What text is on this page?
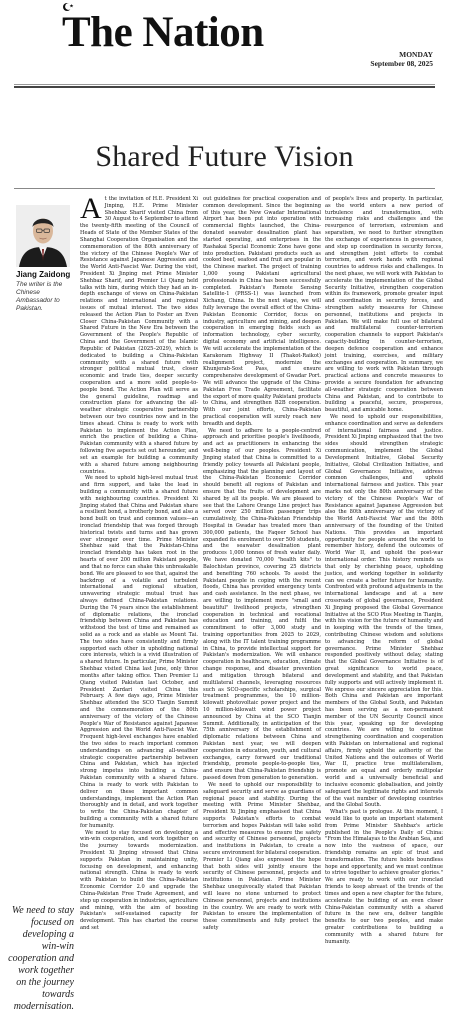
The Nation	MONDAY
September 08, 2025
Shared Future Vision
Jiang Zaidong
The writer is the Chinese Ambassador to Pakistan.
We need to stay focused on developing a win-win cooperation and work together on the journey towards modernisation.

At the invitation of H.E. President Xi Jinping, H.E. Prime Minister Shehbaz Sharif visited China from 30 August to 4 September to attend the twenty-fifth meeting of the Council of Heads of State of the Member States of the Shanghai Cooperation Organisation and the commemoration of the 80th anniversary of the victory of the Chinese People's War of Resistance against Japanese Aggression and the World Anti-Fascist War. During the visit, President Xi Jinping met Prime Minister Shehbaz Sharif, and Premier Li Qiang held talks with him, during which they had an in-depth exchange of views on China-Pakistan relations and international and regional issues of mutual interest. The two sides released the Action Plan to Foster an Even Closer China-Pakistan Community with a Shared Future in the New Era between the Government of the People's Republic of China and the Government of the Islamic Republic of Pakistan (2025–2029), which is dedicated to building a China-Pakistan community with a shared future with stronger political mutual trust, closer economic and trade ties, deeper security cooperation and a more solid people-to-people bond. The Action Plan will serve as the general guideline, roadmap and construction plans for advancing the all-weather strategic cooperative partnership between our two countries now and in the times ahead. China is ready to work with Pakistan to implement the Action Plan, enrich the practice of building a China-Pakistan community with a shared future by following five aspects set out hereunder, and set an example for building a community with a shared future among neighbouring countries.

We need to uphold high-level mutual trust and firm support, and take the lead in building a community with a shared future with neighbouring countries. President Xi Jinping stated that China and Pakistan share a resilient bond, a brotherly bond, and also a bond built on trust and common values—an ironclad friendship that was forged through historical twists and turns and has grown ever stronger over time. Prime Minister Shehbaz said that the Pakistan-China ironclad friendship has taken root in the hearts of over 200 million Pakistani people, and that no force can shake this unbreakable bond. We are pleased to see that, against the backdrop of a volatile and turbulent international and regional situation, unwavering strategic mutual trust has always defined China-Pakistan relations. During the 74 years since the establishment of diplomatic relations, the ironclad friendship between China and Pakistan has withstood the test of time and remained as solid as a rock and as stable as Mount Tai. The two sides have consistently and firmly supported each other in upholding national core interests, which is a vivid illustration of a shared future. In particular, Prime Minister Shehbaz visited China last June, only three months after taking office. Then Premier Li Qiang visited Pakistan last October, and President Zardari visited China this February. A few days ago, Prime Minister Shehbaz attended the SCO Tianjin Summit and the commemoration of the 80th anniversary of the victory of the Chinese People's War of Resistance against Japanese Aggression and the World Anti-Fascist War. Frequent high-level exchanges have enabled the two sides to reach important common understandings on advancing all-weather strategic cooperative partnership between China and Pakistan, which has injected strong impetus into building a China-Pakistan community with a shared future. China is ready to work with Pakistan to deliver on these important common understandings, implement the Action Plan thoroughly and in detail, and work together to write the China-Pakistan chapter of building a community with a shared future for humanity.

We need to stay focused on developing a win-win cooperation, and work together on the journey towards modernization. President Xi Jinping stressed that China supports Pakistan in maintaining unity, focusing on development, and enhancing national strength. China is ready to work with Pakistan to build the China-Pakistan Economic Corridor 2.0 and upgrade the China-Pakistan Free Trade Agreement, and step up cooperation in industries, agriculture and mining, with the aim of boosting Pakistan's self-sustained capacity for development. This has charted the course and set

out guidelines for practical cooperation and common development. Since the beginning of this year, the New Gwadar International Airport has been put into operation with commercial flights launched, the China-donated seawater desalination plant has started operating, and enterprises in the Rashakai Special Economic Zone have gone into production. Pakistani products such as cooked beef, seafood and fruit are popular in the Chinese market. The project of training 1,000 young Pakistani agricultural professionals in China has been successfully completed. Pakistan's Remote Sensing Satellite-1 (PRSS-1) was launched from Xichang, China. In the next stage, we will fully leverage the overall effect of the China-Pakistan Economic Corridor, focus on industry, agriculture and mining, and deepen cooperation in emerging fields such as information technology, cyber security, digital economy and artificial intelligence. We will accelerate the implementation of the Karakoram Highway II (Thakot-Raikot) realignment project, modernize the Khunjerab-Sost Pass, and ensure comprehensive development of Gwadar Port. We will advance the upgrade of the China-Pakistan Free Trade Agreement, facilitate the export of more quality Pakistani products to China, and strengthen B2B cooperation. With our joint efforts, China-Pakistan practical cooperation will surely reach new breadth and depth.

We need to adhere to a people-centred approach and prioritise people's livelihoods, and act as practitioners in enhancing the well-being of our peoples. President Xi Jinping stated that China is committed to a friendly policy towards all Pakistani people, emphasizing that the planning and layout of the China-Pakistan Economic Corridor should benefit all regions of Pakistan and ensure that the fruits of development are shared by all its people. We are pleased to see that the Lahore Orange Line project has served over 250 million passenger trips cumulatively, the China-Pakistan Friendship Hospital in Gwadar has treated more than 300,000 patients, the Faqeer School has expanded its enrolment to over 500 students, and the seawater desalination plant produces 1,000 tonnes of fresh water daily. We have donated 70,000 "health kits" to Balochistan province, covering 25 districts and benefiting 760 schools. To assist the Pakistani people in coping with the recent floods, China has provided emergency tents and cash assistance. In the next phase, we are willing to implement more "small and beautiful" livelihood projects, strengthen cooperation in technical and vocational education and training, and fulfil the commitment to offer 3,000 study and training opportunities from 2025 to 2029, along with the IT talent training programme in China, to provide intellectual support for Pakistan's modernization. We will enhance cooperation in healthcare, education, climate change response, and disaster prevention and mitigation through bilateral and multilateral channels, leveraging resources such as SCO-specific scholarships, surgical treatment programmes, the 10 million-kilowatt photovoltaic power project and the 10 million-kilowatt wind power project announced by China at the SCO Tianjin Summit. Additionally, in anticipation of the 75th anniversary of the establishment of diplomatic relations between China and Pakistan next year, we will deepen cooperation in education, youth, and cultural exchanges, carry forward our traditional friendship, promote people-to-people ties, and ensure that China-Pakistan friendship is passed down from generation to generation.

We need to uphold our responsibility to safeguard security and serve as guardians of regional peace and stability. During the meeting with Prime Minister Shehbaz, President Xi Jinping emphasised that China supports Pakistan's efforts to combat terrorism and hopes Pakistan will take solid and effective measures to ensure the safety and security of Chinese personnel, projects and institutions in Pakistan, to create a secure environment for bilateral cooperation. Premier Li Qiang also expressed the hope that both sides will jointly ensure the security of Chinese personnel, projects and institutions in Pakistan. Prime Minister Shehbaz unequivocally stated that Pakistan will leave no stone unturned to protect Chinese personnel, projects and institutions in the country. We are ready to work with Pakistan to ensure the implementation of these commitments and fully protect the safety

of people's lives and property. In particular, as the world enters a new period of turbulence and transformation, with increasing risks and challenges and the resurgence of terrorism, extremism and separatism, we need to further strengthen the exchange of experiences in governance, and step up coordination in security forces, and strengthen joint efforts to combat terrorism, and work hands with regional countries to address risks and challenges. In the next phase, we will work with Pakistan to accelerate the implementation of the Global Security Initiative, strengthen cooperation within its framework, promote greater input and coordination in security forces, and strengthen safety measures for Chinese personnel, institutions and projects in Pakistan. We will make full use of bilateral and multilateral counter-terrorism cooperation channels to support Pakistan's capacity-building in counter-terrorism, deepen defence cooperation and enhance joint training, exercises, and military exchanges and cooperation. In summary, we are willing to work with Pakistan through practical actions and concrete measures to provide a secure foundation for advancing all-weather strategic cooperation between China and Pakistan, and to contribute to building a peaceful, secure, prosperous, beautiful, and amicable home.

We need to uphold our responsibilities, enhance coordination and serve as defenders of international fairness and justice. President Xi Jinping emphasized that the two sides should strengthen strategic communication, implement the Global Development Initiative, Global Security Initiative, Global Civilization Initiative, and Global Governance Initiative, address common challenges, and uphold international fairness and justice. This year marks not only the 80th anniversary of the victory of the Chinese People's War of Resistance against Japanese Aggression but also the 80th anniversary of the victory of the World Anti-Fascist War and the 80th anniversary of the founding of the United Nations. This provides an important opportunity for people around the world to remember history, defend the outcomes of World War II, and uphold the post-war international order. This history reminds us that only by cherishing peace, upholding justice, and working together in solidarity can we create a better future for humanity. Confronted with profound adjustments in the international landscape and at a new crossroads of global governance, President Xi Jinping proposed the Global Governance Initiative at the SCO Plus Meeting in Tianjin, with his vision for the future of humanity and in keeping with the trends of the times, contributing Chinese wisdom and solutions to advancing the reform of global governance. Prime Minister Shehbaz responded positively without delay, stating that the Global Governance Initiative is of great significance to world peace, development and stability, and that Pakistan fully supports and will actively implement it. We express our sincere appreciation for this. Both China and Pakistan are important members of the Global South, and Pakistan has been serving as a non-permanent member of the UN Security Council since this year, speaking up for developing countries. We are willing to continue strengthening coordination and cooperation with Pakistan on international and regional affairs, firmly uphold the authority of the United Nations and the outcomes of World War II, practice true multilateralism, promote an equal and orderly multipolar world and a universally beneficial and inclusive economic globalisation, and jointly safeguard the legitimate rights and interests of the vast number of developing countries and the Global South.

What's past is prologue. At this moment, I would like to quote an important statement from Prime Minister Shehbaz's article published in the People's Daily of China: "From the Himalayas to the Arabian Sea, and now into the vastness of space, our friendship remains an epic of trust and transformation. The future holds boundless hope and opportunity, and we must continue to strive together to achieve greater glories." We are ready to work with our ironclad friends to keep abreast of the trends of the times and open a new chapter for the future, accelerate the building of an even closer China-Pakistan community with a shared future in the new era, deliver tangible benefits to our two peoples, and make greater contributions to building a community with a shared future for humanity.
